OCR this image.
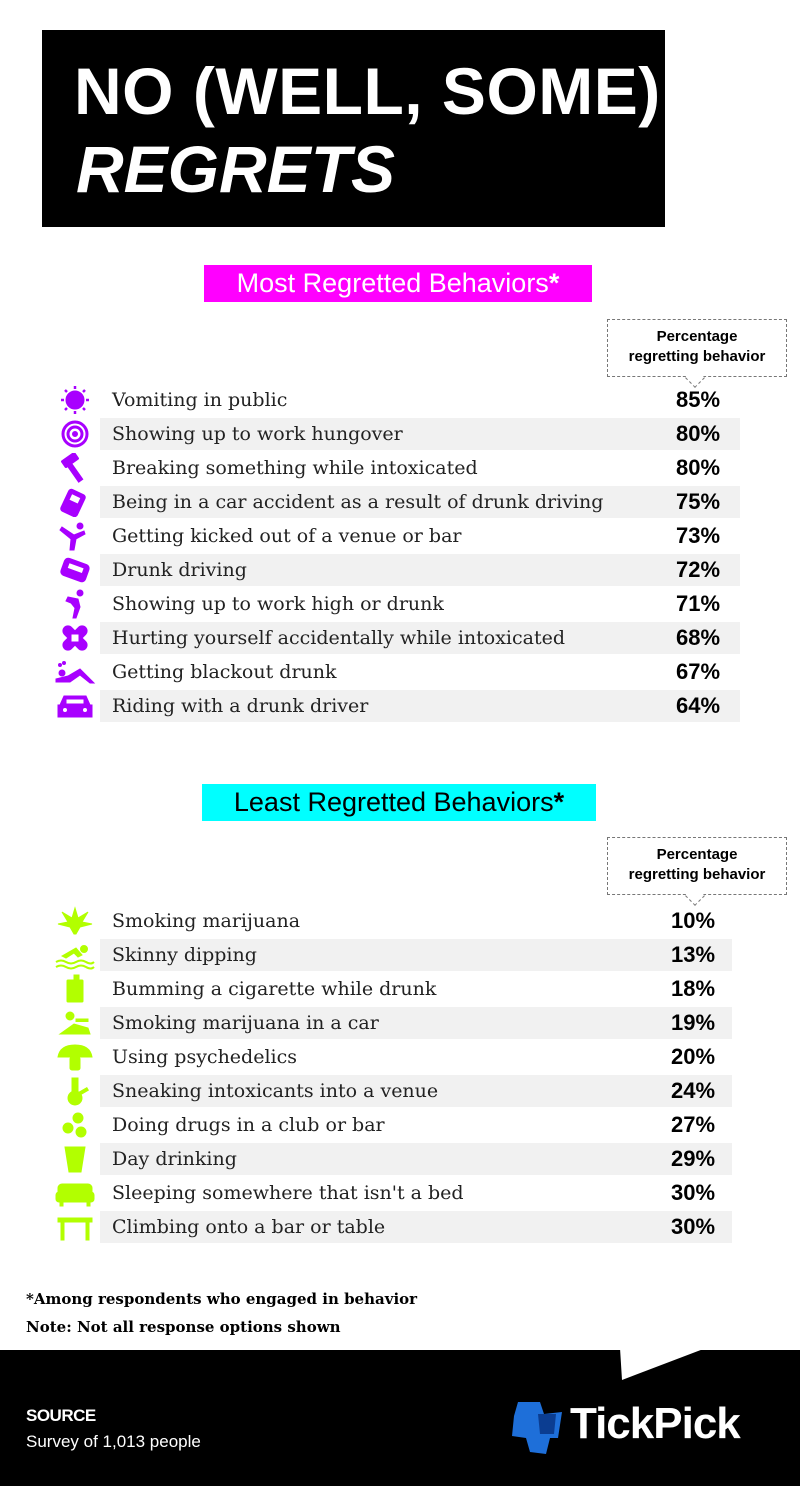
NO (WELL, SOME)
REGRETS
Most Regretted Behaviors*
Percentage
regretting behavior
Vomiting in public	85%
Showing up to work hungover	80%
Breaking something while intoxicated	80%
Being in a car accident as a result of drunk driving	75%
Getting kicked out of a venue or bar	73%
Drunk driving	72%
Showing up to work high or drunk	71%
Hurting yourself accidentally while intoxicated	68%
Getting blackout drunk	67%
Riding with a drunk driver	64%
Least Regretted Behaviors*
Percentage
regretting behavior
Smoking marijuana	10%
Skinny dipping	13%
Bumming a cigarette while drunk	18%
Smoking marijuana in a car	19%
Using psychedelics	20%
Sneaking intoxicants into a venue	24%
Doing drugs in a club or bar	27%
Day drinking	29%
Sleeping somewhere that isn't a bed	30%
Climbing onto a bar or table	30%
*Among respondents who engaged in behavior
Note: Not all response options shown
SOURCE
Survey of 1,013 people	TickPick
